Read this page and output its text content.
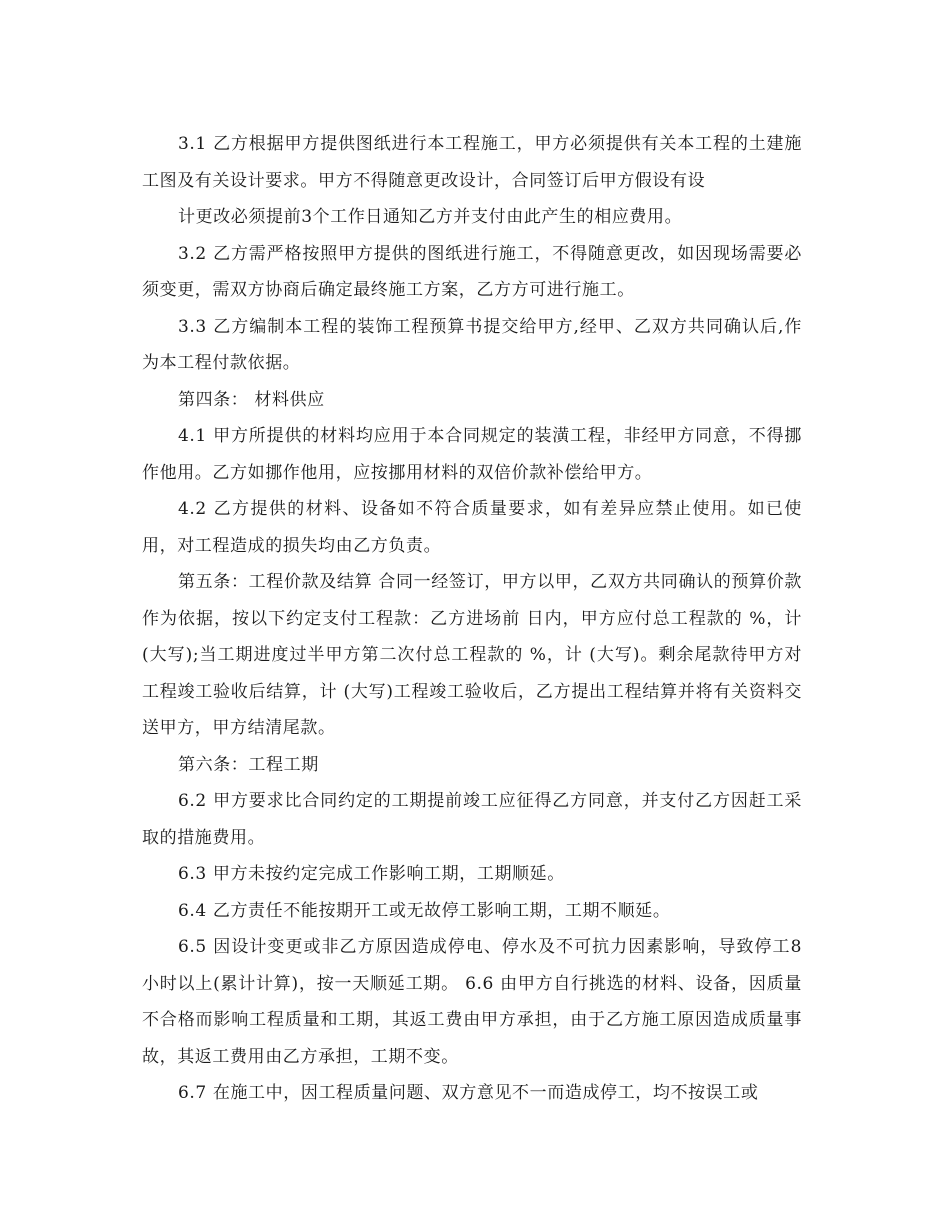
3.1 乙方根据甲方提供图纸进行本工程施工，甲方必须提供有关本工程的土建施工图及有关设计要求。甲方不得随意更改设计，合同签订后甲方假设有设

计更改必须提前3个工作日通知乙方并支付由此产生的相应费用。

3.2 乙方需严格按照甲方提供的图纸进行施工，不得随意更改，如因现场需要必须变更，需双方协商后确定最终施工方案，乙方方可进行施工。

3.3 乙方编制本工程的装饰工程预算书提交给甲方,经甲、乙双方共同确认后,作为本工程付款依据。

第四条： 材料供应

4.1 甲方所提供的材料均应用于本合同规定的装潢工程，非经甲方同意，不得挪作他用。乙方如挪作他用，应按挪用材料的双倍价款补偿给甲方。

4.2 乙方提供的材料、设备如不符合质量要求，如有差异应禁止使用。如已使用，对工程造成的损失均由乙方负责。

第五条：工程价款及结算 合同一经签订，甲方以甲，乙双方共同确认的预算价款作为依据，按以下约定支付工程款：乙方进场前 日内，甲方应付总工程款的 %，计(大写);当工期进度过半甲方第二次付总工程款的 %，计 (大写)。剩余尾款待甲方对工程竣工验收后结算，计 (大写)工程竣工验收后，乙方提出工程结算并将有关资料交送甲方，甲方结清尾款。

第六条：工程工期

6.2 甲方要求比合同约定的工期提前竣工应征得乙方同意，并支付乙方因赶工采取的措施费用。

6.3 甲方未按约定完成工作影响工期，工期顺延。

6.4 乙方责任不能按期开工或无故停工影响工期，工期不顺延。

6.5 因设计变更或非乙方原因造成停电、停水及不可抗力因素影响，导致停工8小时以上(累计计算)，按一天顺延工期。 6.6 由甲方自行挑选的材料、设备，因质量不合格而影响工程质量和工期，其返工费由甲方承担，由于乙方施工原因造成质量事故，其返工费用由乙方承担，工期不变。

6.7 在施工中，因工程质量问题、双方意见不一而造成停工，均不按误工或
